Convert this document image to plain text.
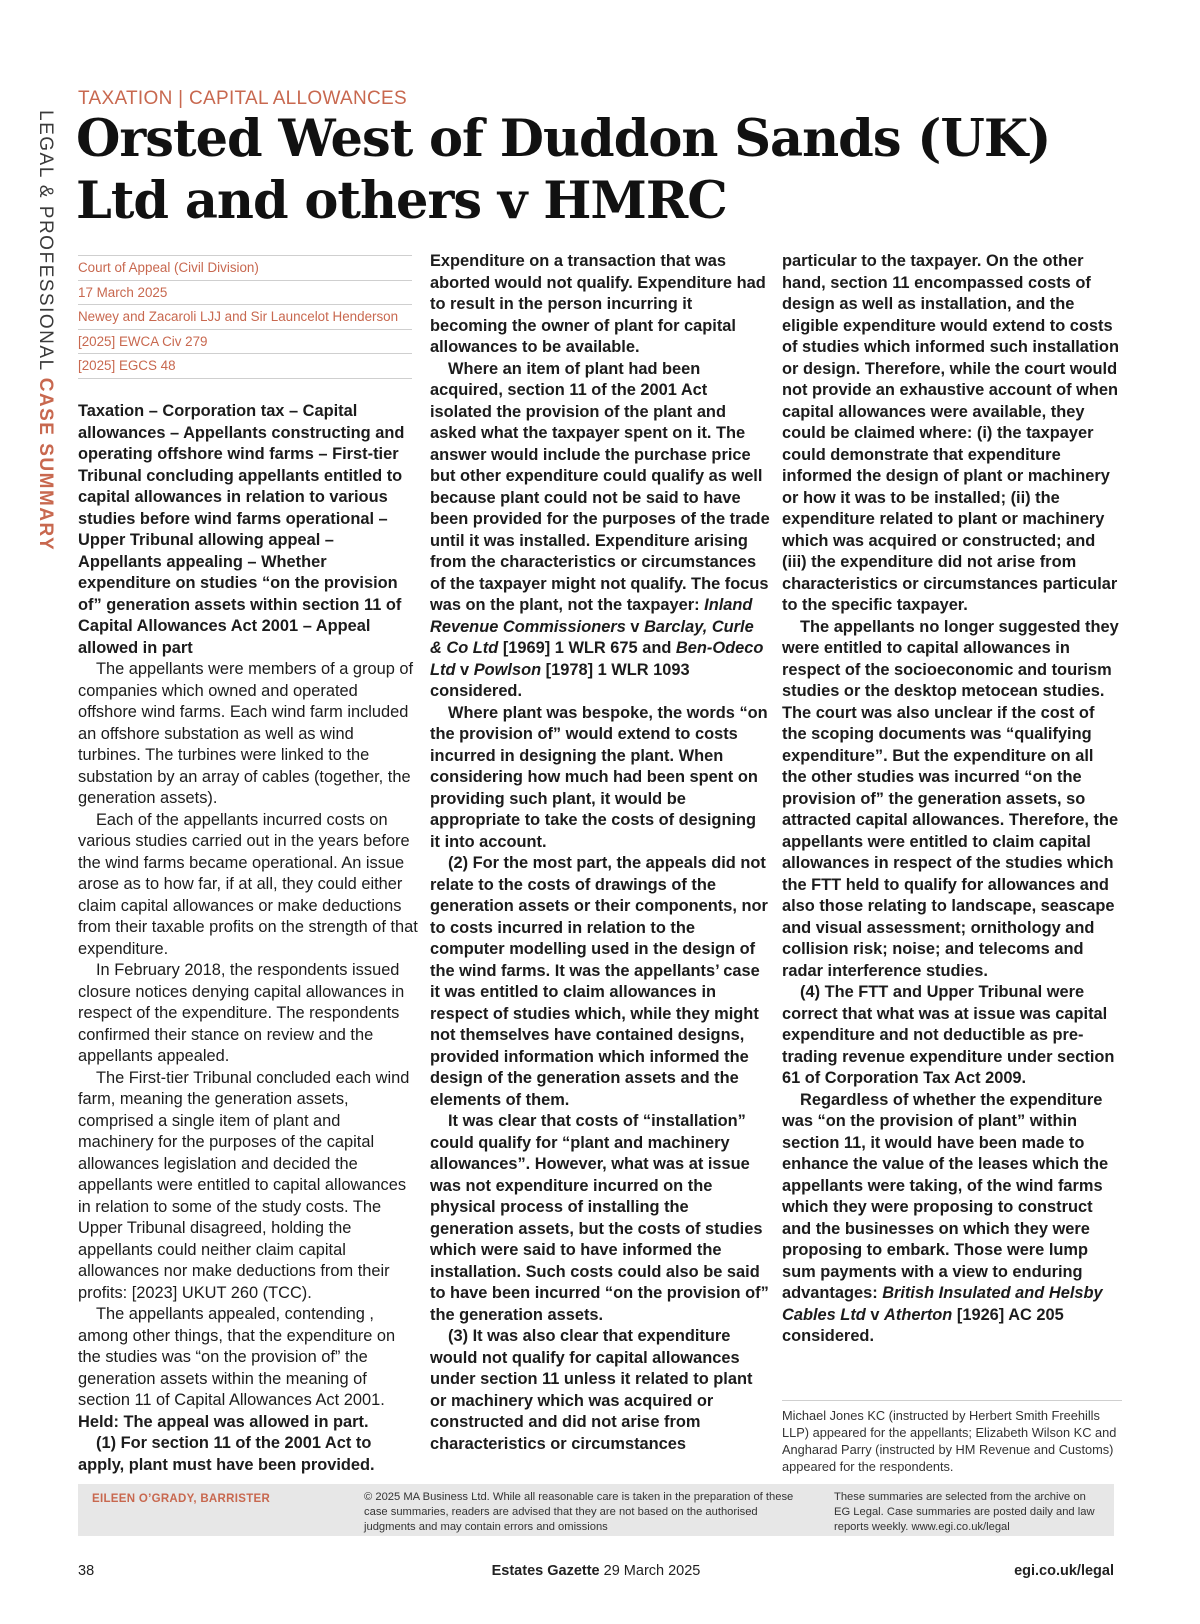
LEGAL & PROFESSIONAL CASE SUMMARY
TAXATION | CAPITAL ALLOWANCES
Orsted West of Duddon Sands (UK) Ltd and others v HMRC
Court of Appeal (Civil Division)
17 March 2025
Newey and Zacaroli LJJ and Sir Launcelot Henderson
[2025] EWCA Civ 279
[2025] EGCS 48

Taxation – Corporation tax – Capital allowances – Appellants constructing and operating offshore wind farms – First-tier Tribunal concluding appellants entitled to capital allowances in relation to various studies before wind farms operational – Upper Tribunal allowing appeal – Appellants appealing – Whether expenditure on studies “on the provision of” generation assets within section 11 of Capital Allowances Act 2001 – Appeal allowed in part

The appellants were members of a group of companies which owned and operated offshore wind farms. Each wind farm included an offshore substation as well as wind turbines. The turbines were linked to the substation by an array of cables (together, the generation assets).

Each of the appellants incurred costs on various studies carried out in the years before the wind farms became operational. An issue arose as to how far, if at all, they could either claim capital allowances or make deductions from their taxable profits on the strength of that expenditure.

In February 2018, the respondents issued closure notices denying capital allowances in respect of the expenditure. The respondents confirmed their stance on review and the appellants appealed.

The First-tier Tribunal concluded each wind farm, meaning the generation assets, comprised a single item of plant and machinery for the purposes of the capital allowances legislation and decided the appellants were entitled to capital allowances in relation to some of the study costs. The Upper Tribunal disagreed, holding the appellants could neither claim capital allowances nor make deductions from their profits: [2023] UKUT 260 (TCC).

The appellants appealed, contending , among other things, that the expenditure on the studies was “on the provision of” the generation assets within the meaning of section 11 of Capital Allowances Act 2001.

Held: The appeal was allowed in part.

(1) For section 11 of the 2001 Act to apply, plant must have been provided.

Expenditure on a transaction that was aborted would not qualify. Expenditure had to result in the person incurring it becoming the owner of plant for capital allowances to be available.

Where an item of plant had been acquired, section 11 of the 2001 Act isolated the provision of the plant and asked what the taxpayer spent on it. The answer would include the purchase price but other expenditure could qualify as well because plant could not be said to have been provided for the purposes of the trade until it was installed. Expenditure arising from the characteristics or circumstances of the taxpayer might not qualify. The focus was on the plant, not the taxpayer: Inland Revenue Commissioners v Barclay, Curle & Co Ltd [1969] 1 WLR 675 and Ben-Odeco Ltd v Powlson [1978] 1 WLR 1093 considered.

Where plant was bespoke, the words “on the provision of” would extend to costs incurred in designing the plant. When considering how much had been spent on providing such plant, it would be appropriate to take the costs of designing it into account.

(2) For the most part, the appeals did not relate to the costs of drawings of the generation assets or their components, nor to costs incurred in relation to the computer modelling used in the design of the wind farms. It was the appellants’ case it was entitled to claim allowances in respect of studies which, while they might not themselves have contained designs, provided information which informed the design of the generation assets and the elements of them.

It was clear that costs of “installation” could qualify for “plant and machinery allowances”. However, what was at issue was not expenditure incurred on the physical process of installing the generation assets, but the costs of studies which were said to have informed the installation. Such costs could also be said to have been incurred “on the provision of” the generation assets.

(3) It was also clear that expenditure would not qualify for capital allowances under section 11 unless it related to plant or machinery which was acquired or constructed and did not arise from characteristics or circumstances

particular to the taxpayer. On the other hand, section 11 encompassed costs of design as well as installation, and the eligible expenditure would extend to costs of studies which informed such installation or design. Therefore, while the court would not provide an exhaustive account of when capital allowances were available, they could be claimed where: (i) the taxpayer could demonstrate that expenditure informed the design of plant or machinery or how it was to be installed; (ii) the expenditure related to plant or machinery which was acquired or constructed; and (iii) the expenditure did not arise from characteristics or circumstances particular to the specific taxpayer.

The appellants no longer suggested they were entitled to capital allowances in respect of the socioeconomic and tourism studies or the desktop metocean studies. The court was also unclear if the cost of the scoping documents was “qualifying expenditure”. But the expenditure on all the other studies was incurred “on the provision of” the generation assets, so attracted capital allowances. Therefore, the appellants were entitled to claim capital allowances in respect of the studies which the FTT held to qualify for allowances and also those relating to landscape, seascape and visual assessment; ornithology and collision risk; noise; and telecoms and radar interference studies.

(4) The FTT and Upper Tribunal were correct that what was at issue was capital expenditure and not deductible as pre-trading revenue expenditure under section 61 of Corporation Tax Act 2009.

Regardless of whether the expenditure was “on the provision of plant” within section 11, it would have been made to enhance the value of the leases which the appellants were taking, of the wind farms which they were proposing to construct and the businesses on which they were proposing to embark. Those were lump sum payments with a view to enduring advantages: British Insulated and Helsby Cables Ltd v Atherton [1926] AC 205 considered.

Michael Jones KC (instructed by Herbert Smith Freehills LLP) appeared for the appellants; Elizabeth Wilson KC and Angharad Parry (instructed by HM Revenue and Customs) appeared for the respondents.
EILEEN O’GRADY, BARRISTER	© 2025 MA Business Ltd. While all reasonable care is taken in the preparation of these case summaries, readers are advised that they are not based on the authorised judgments and may contain errors and omissions
These summaries are selected from the archive on EG Legal. Case summaries are posted daily and law reports weekly. www.egi.co.uk/legal
38	Estates Gazette 29 March 2025	egi.co.uk/legal
